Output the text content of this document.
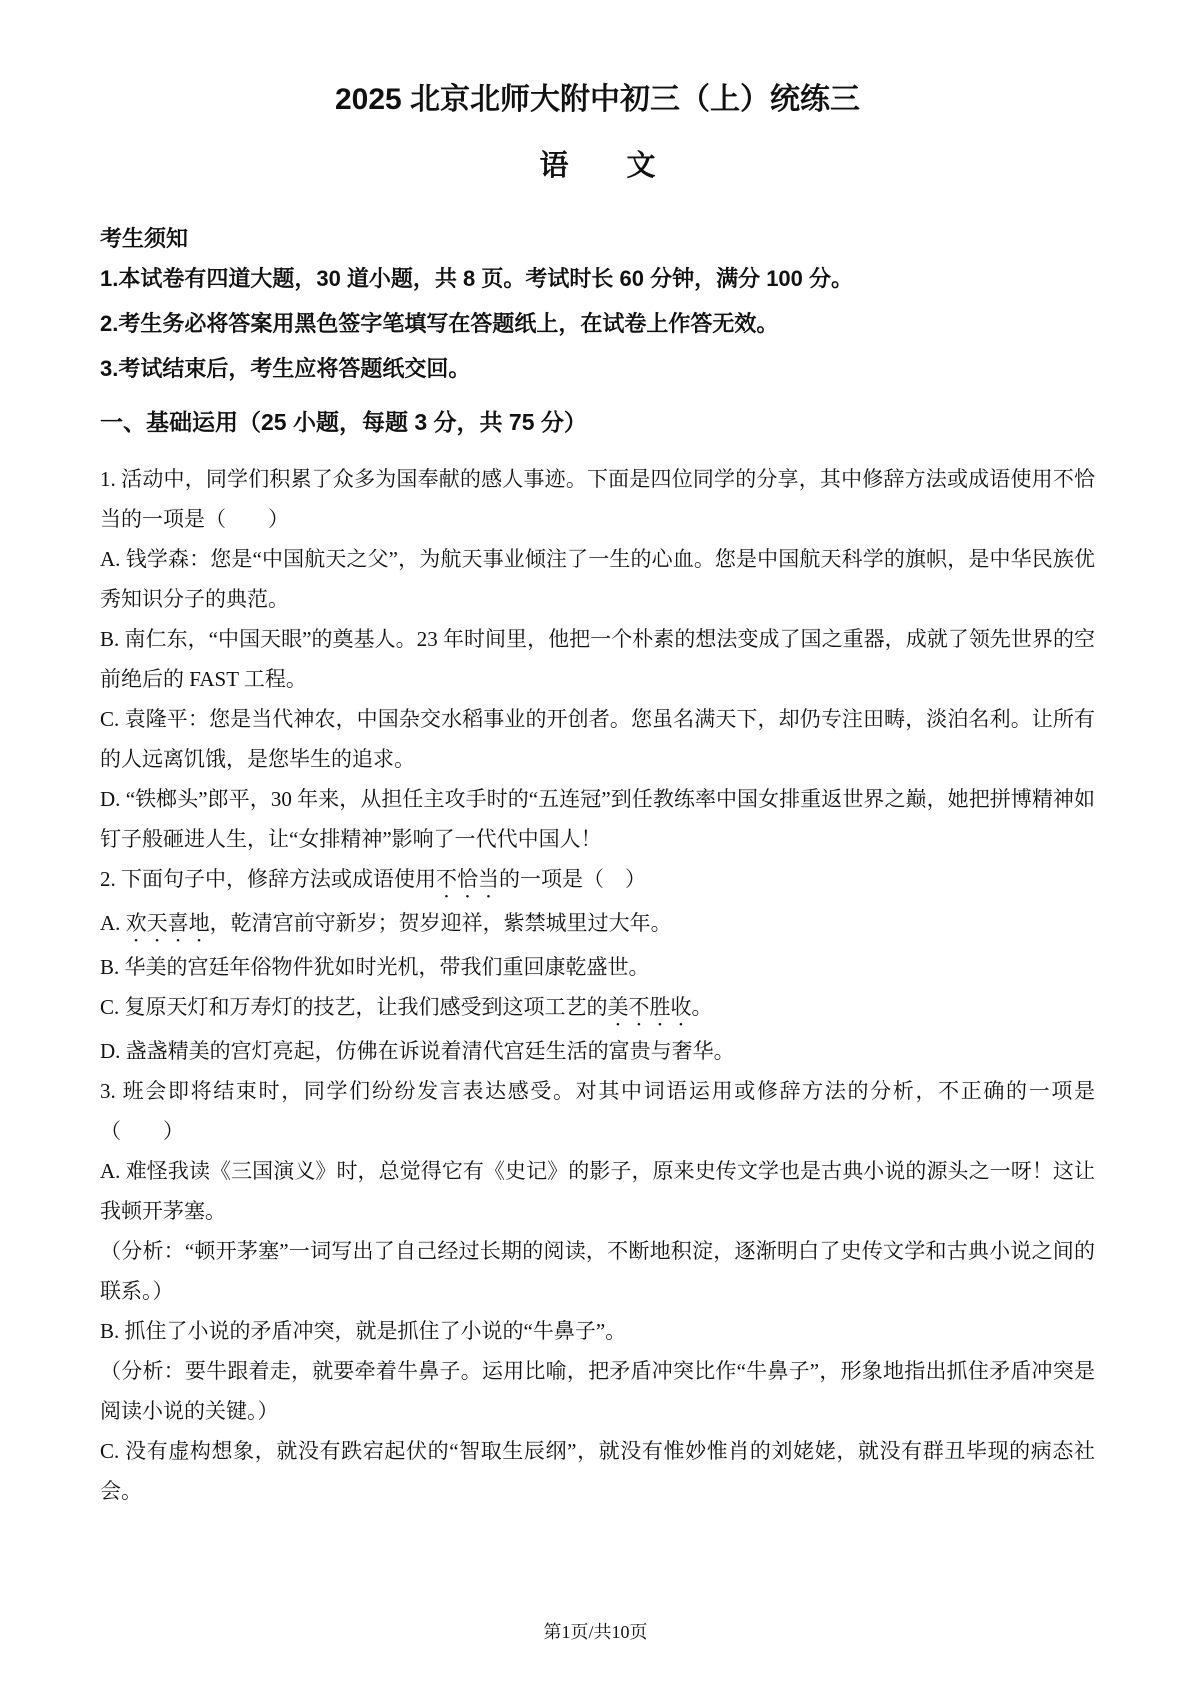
2025 北京北师大附中初三（上）统练三
语　　文
考生须知

1.本试卷有四道大题，30 道小题，共 8 页。考试时长 60 分钟，满分 100 分。

2.考生务必将答案用黑色签字笔填写在答题纸上，在试卷上作答无效。

3.考试结束后，考生应将答题纸交回。

一、基础运用（25 小题，每题 3 分，共 75 分）

1. 活动中，同学们积累了众多为国奉献的感人事迹。下面是四位同学的分享，其中修辞方法或成语使用不恰当的一项是（　　）

A. 钱学森：您是“中国航天之父”，为航天事业倾注了一生的心血。您是中国航天科学的旗帜，是中华民族优秀知识分子的典范。

B. 南仁东，“中国天眼”的奠基人。23 年时间里，他把一个朴素的想法变成了国之重器，成就了领先世界的空前绝后的 FAST 工程。

C. 袁隆平：您是当代神农，中国杂交水稻事业的开创者。您虽名满天下，却仍专注田畴，淡泊名利。让所有的人远离饥饿，是您毕生的追求。

D. “铁榔头”郎平，30 年来，从担任主攻手时的“五连冠”到任教练率中国女排重返世界之巅，她把拼博精神如钉子般砸进人生，让“女排精神”影响了一代代中国人！

2. 下面句子中，修辞方法或成语使用不恰当的一项是（　）

A. 欢天喜地，乾清宫前守新岁；贺岁迎祥，紫禁城里过大年。

B. 华美的宫廷年俗物件犹如时光机，带我们重回康乾盛世。

C. 复原天灯和万寿灯的技艺，让我们感受到这项工艺的美不胜收。

D. 盏盏精美的宫灯亮起，仿佛在诉说着清代宫廷生活的富贵与奢华。

3. 班会即将结束时，同学们纷纷发言表达感受。对其中词语运用或修辞方法的分析，不正确的一项是（　　）

A. 难怪我读《三国演义》时，总觉得它有《史记》的影子，原来史传文学也是古典小说的源头之一呀！这让我顿开茅塞。

（分析：“顿开茅塞”一词写出了自己经过长期的阅读，不断地积淀，逐渐明白了史传文学和古典小说之间的联系。）

B. 抓住了小说的矛盾冲突，就是抓住了小说的“牛鼻子”。

（分析：要牛跟着走，就要牵着牛鼻子。运用比喻，把矛盾冲突比作“牛鼻子”，形象地指出抓住矛盾冲突是阅读小说的关键。）

C. 没有虚构想象，就没有跌宕起伏的“智取生辰纲”，就没有惟妙惟肖的刘姥姥，就没有群丑毕现的病态社会。

第1页/共10页
